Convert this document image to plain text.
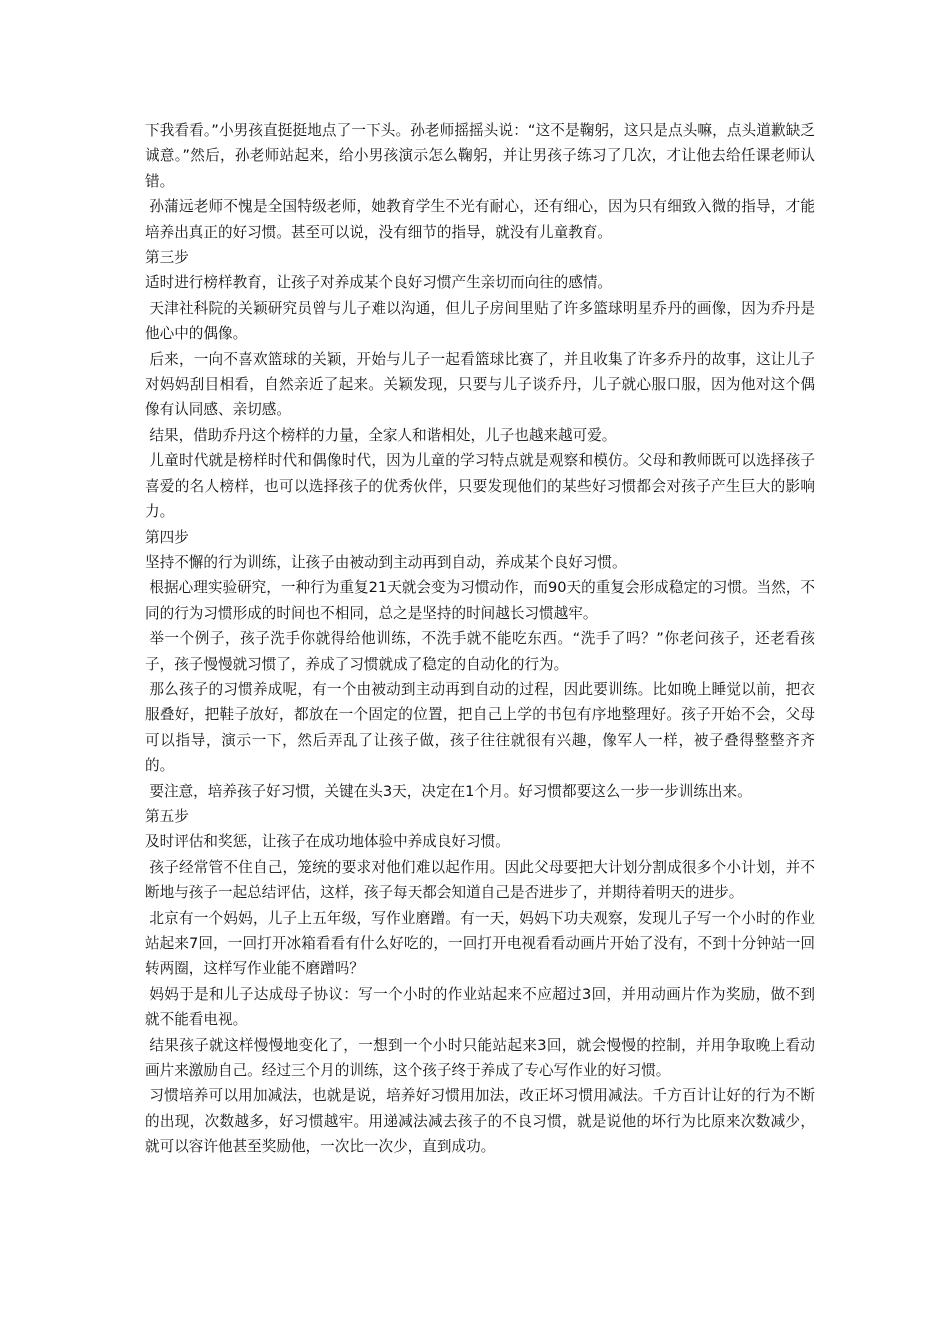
下我看看。”小男孩直挺挺地点了一下头。孙老师摇摇头说：“这不是鞠躬，这只是点头嘛，点头道歉缺乏诚意。”然后，孙老师站起来，给小男孩演示怎么鞠躬，并让男孩子练习了几次，才让他去给任课老师认错。

孙蒲远老师不愧是全国特级老师，她教育学生不光有耐心，还有细心，因为只有细致入微的指导，才能培养出真正的好习惯。甚至可以说，没有细节的指导，就没有儿童教育。

第三步

适时进行榜样教育，让孩子对养成某个良好习惯产生亲切而向往的感情。

天津社科院的关颖研究员曾与儿子难以沟通，但儿子房间里贴了许多篮球明星乔丹的画像，因为乔丹是他心中的偶像。

后来，一向不喜欢篮球的关颖，开始与儿子一起看篮球比赛了，并且收集了许多乔丹的故事，这让儿子对妈妈刮目相看，自然亲近了起来。关颖发现，只要与儿子谈乔丹，儿子就心服口服，因为他对这个偶像有认同感、亲切感。

结果，借助乔丹这个榜样的力量，全家人和谐相处，儿子也越来越可爱。

儿童时代就是榜样时代和偶像时代，因为儿童的学习特点就是观察和模仿。父母和教师既可以选择孩子喜爱的名人榜样，也可以选择孩子的优秀伙伴，只要发现他们的某些好习惯都会对孩子产生巨大的影响力。

第四步

坚持不懈的行为训练，让孩子由被动到主动再到自动，养成某个良好习惯。

根据心理实验研究，一种行为重复21天就会变为习惯动作，而90天的重复会形成稳定的习惯。当然，不同的行为习惯形成的时间也不相同，总之是坚持的时间越长习惯越牢。

举一个例子，孩子洗手你就得给他训练，不洗手就不能吃东西。“洗手了吗？”你老问孩子，还老看孩子，孩子慢慢就习惯了，养成了习惯就成了稳定的自动化的行为。

那么孩子的习惯养成呢，有一个由被动到主动再到自动的过程，因此要训练。比如晚上睡觉以前，把衣服叠好，把鞋子放好，都放在一个固定的位置，把自己上学的书包有序地整理好。孩子开始不会，父母可以指导，演示一下，然后弄乱了让孩子做，孩子往往就很有兴趣，像军人一样，被子叠得整整齐齐的。

要注意，培养孩子好习惯，关键在头3天，决定在1个月。好习惯都要这么一步一步训练出来。

第五步

及时评估和奖惩，让孩子在成功地体验中养成良好习惯。

孩子经常管不住自己，笼统的要求对他们难以起作用。因此父母要把大计划分割成很多个小计划，并不断地与孩子一起总结评估，这样，孩子每天都会知道自己是否进步了，并期待着明天的进步。

北京有一个妈妈，儿子上五年级，写作业磨蹭。有一天，妈妈下功夫观察，发现儿子写一个小时的作业站起来7回，一回打开冰箱看看有什么好吃的，一回打开电视看看动画片开始了没有，不到十分钟站一回转两圈，这样写作业能不磨蹭吗？

妈妈于是和儿子达成母子协议：写一个小时的作业站起来不应超过3回，并用动画片作为奖励，做不到就不能看电视。

结果孩子就这样慢慢地变化了，一想到一个小时只能站起来3回，就会慢慢的控制，并用争取晚上看动画片来激励自己。经过三个月的训练，这个孩子终于养成了专心写作业的好习惯。

习惯培养可以用加减法，也就是说，培养好习惯用加法，改正坏习惯用减法。千方百计让好的行为不断的出现，次数越多，好习惯越牢。用递减法减去孩子的不良习惯，就是说他的坏行为比原来次数减少，就可以容许他甚至奖励他，一次比一次少，直到成功。
